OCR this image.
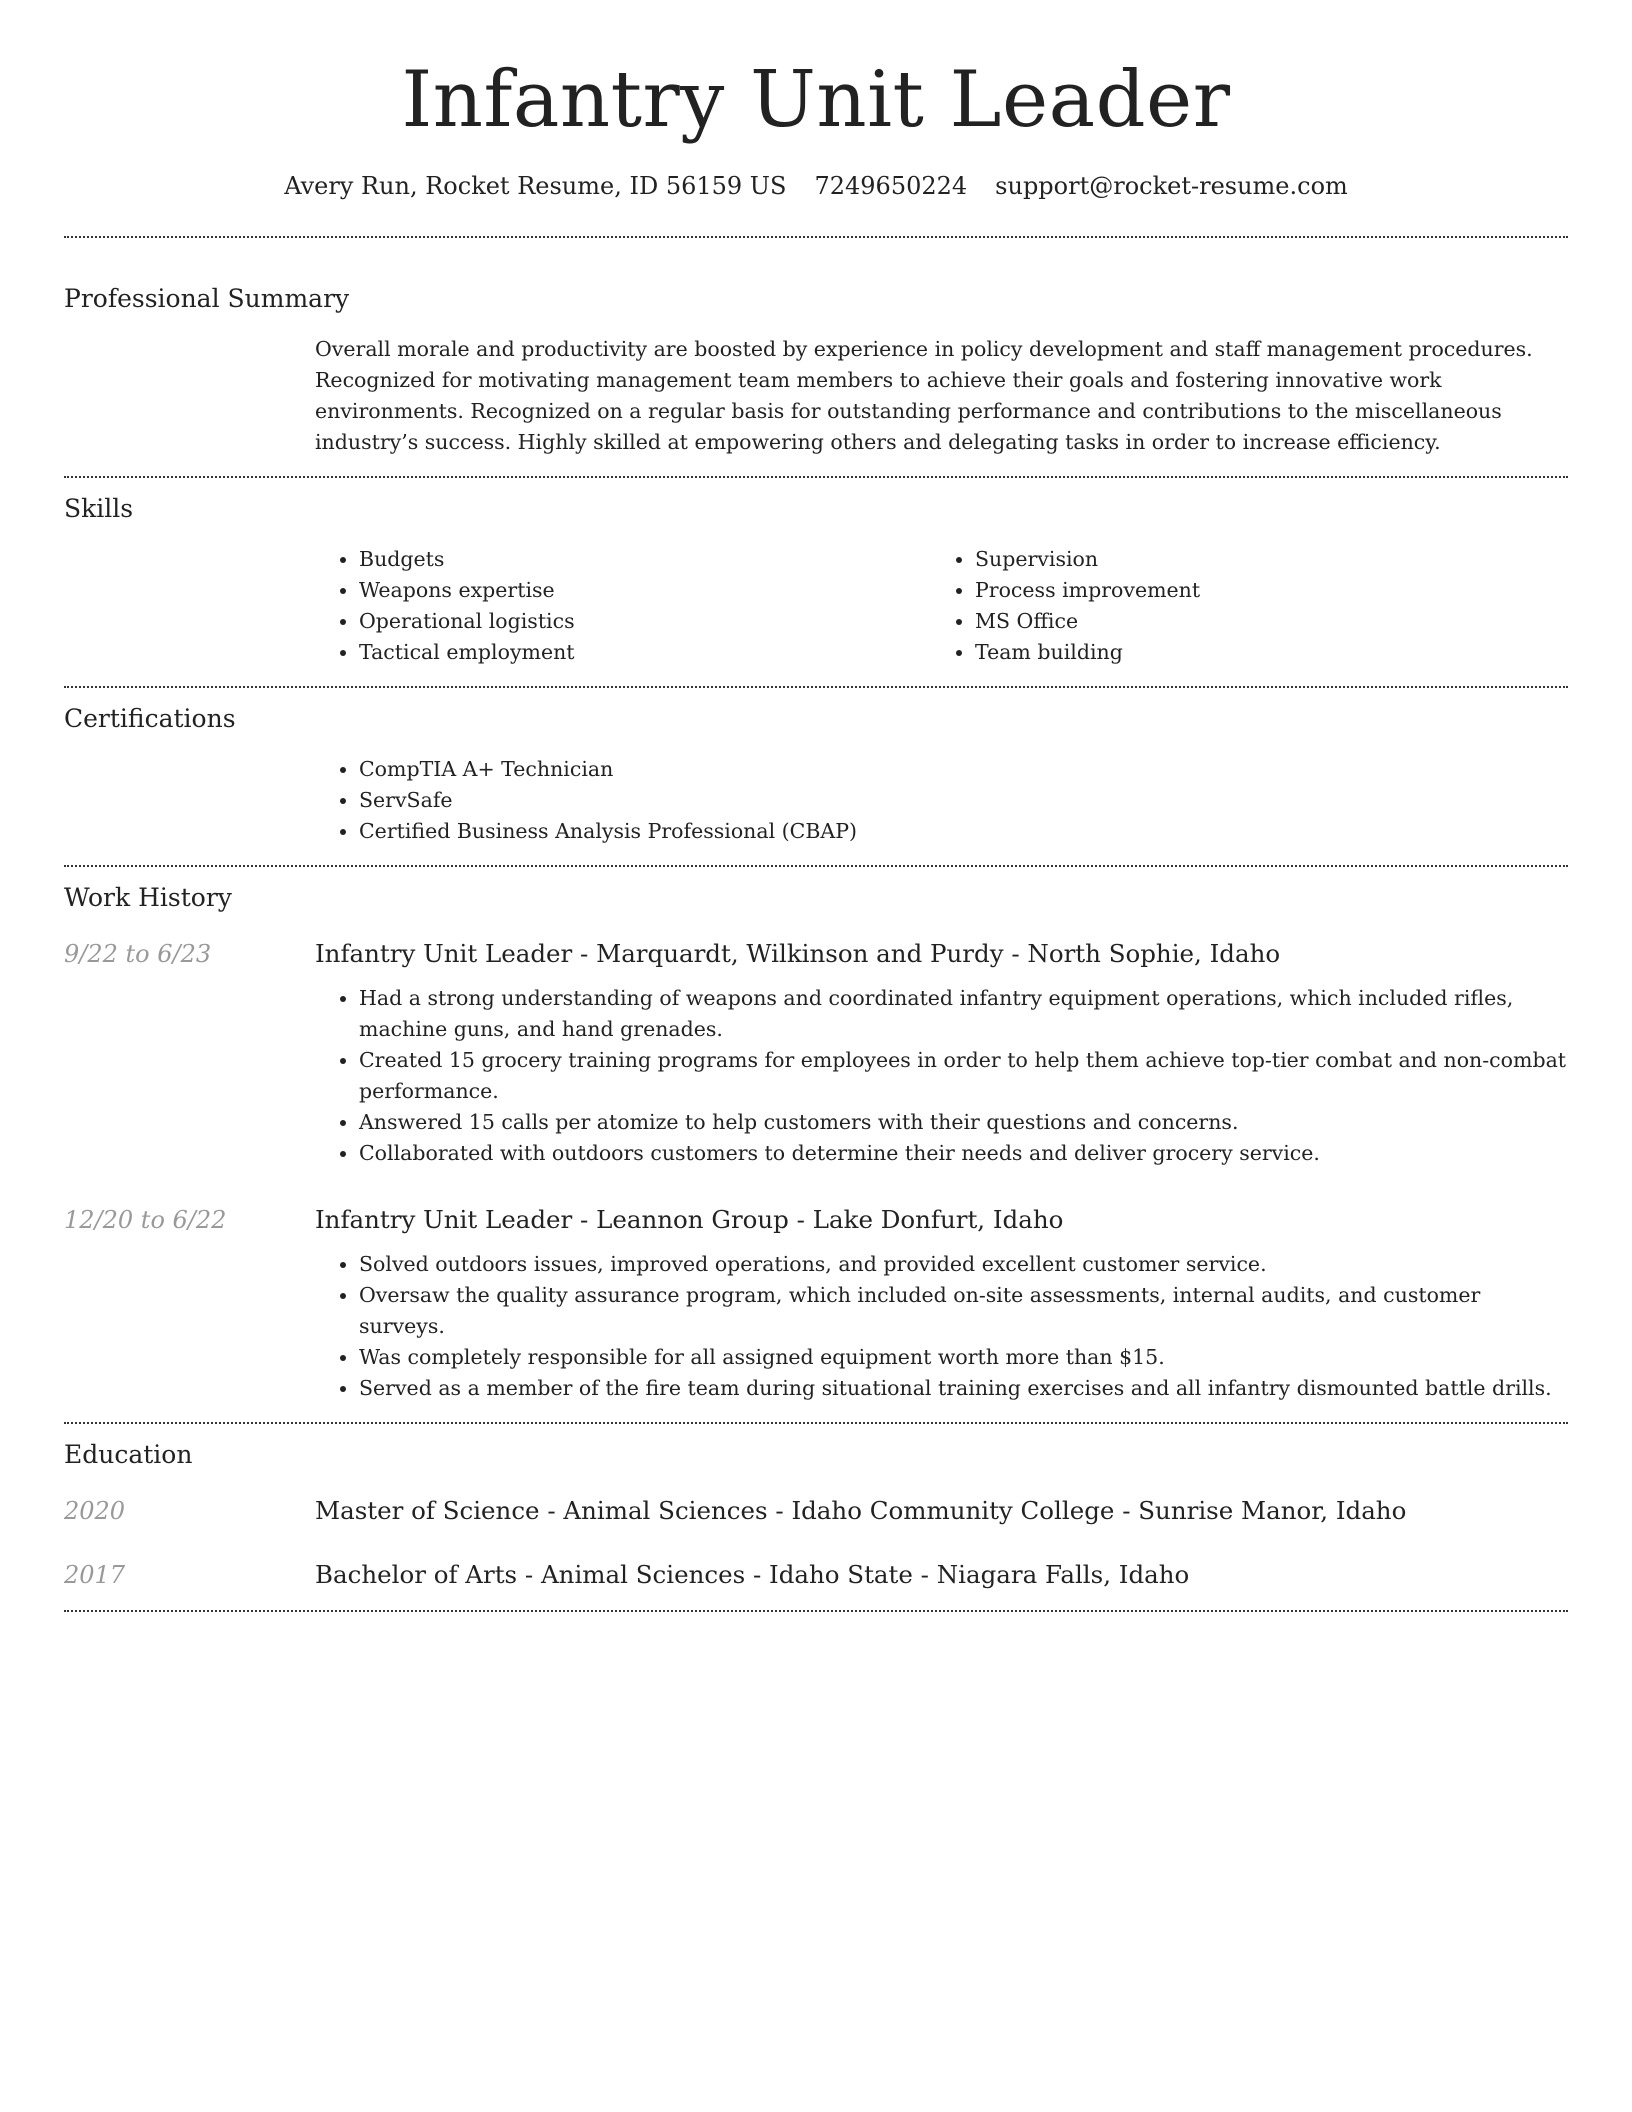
Infantry Unit Leader
Avery Run, Rocket Resume, ID 56159 US 7249650224 support@rocket-resume.com
Professional Summary
Overall morale and productivity are boosted by experience in policy development and staff management procedures. Recognized for motivating management team members to achieve their goals and fostering innovative work environments. Recognized on a regular basis for outstanding performance and contributions to the miscellaneous industry’s success. Highly skilled at empowering others and delegating tasks in order to increase efficiency.
Skills
• Budgets
• Weapons expertise
• Operational logistics
• Tactical employment
• Supervision
• Process improvement
• MS Office
• Team building
Certifications
• CompTIA A+ Technician
• ServSafe
• Certified Business Analysis Professional (CBAP)
Work History
9/22 to 6/23	Infantry Unit Leader - Marquardt, Wilkinson and Purdy - North Sophie, Idaho
• Had a strong understanding of weapons and coordinated infantry equipment operations, which included rifles, machine guns, and hand grenades.
• Created 15 grocery training programs for employees in order to help them achieve top-tier combat and non-combat performance.
• Answered 15 calls per atomize to help customers with their questions and concerns.
• Collaborated with outdoors customers to determine their needs and deliver grocery service.
12/20 to 6/22	Infantry Unit Leader - Leannon Group - Lake Donfurt, Idaho
• Solved outdoors issues, improved operations, and provided excellent customer service.
• Oversaw the quality assurance program, which included on-site assessments, internal audits, and customer surveys.
• Was completely responsible for all assigned equipment worth more than $15.
• Served as a member of the fire team during situational training exercises and all infantry dismounted battle drills.
Education
2020	Master of Science - Animal Sciences - Idaho Community College - Sunrise Manor, Idaho
2017	Bachelor of Arts - Animal Sciences - Idaho State - Niagara Falls, Idaho
